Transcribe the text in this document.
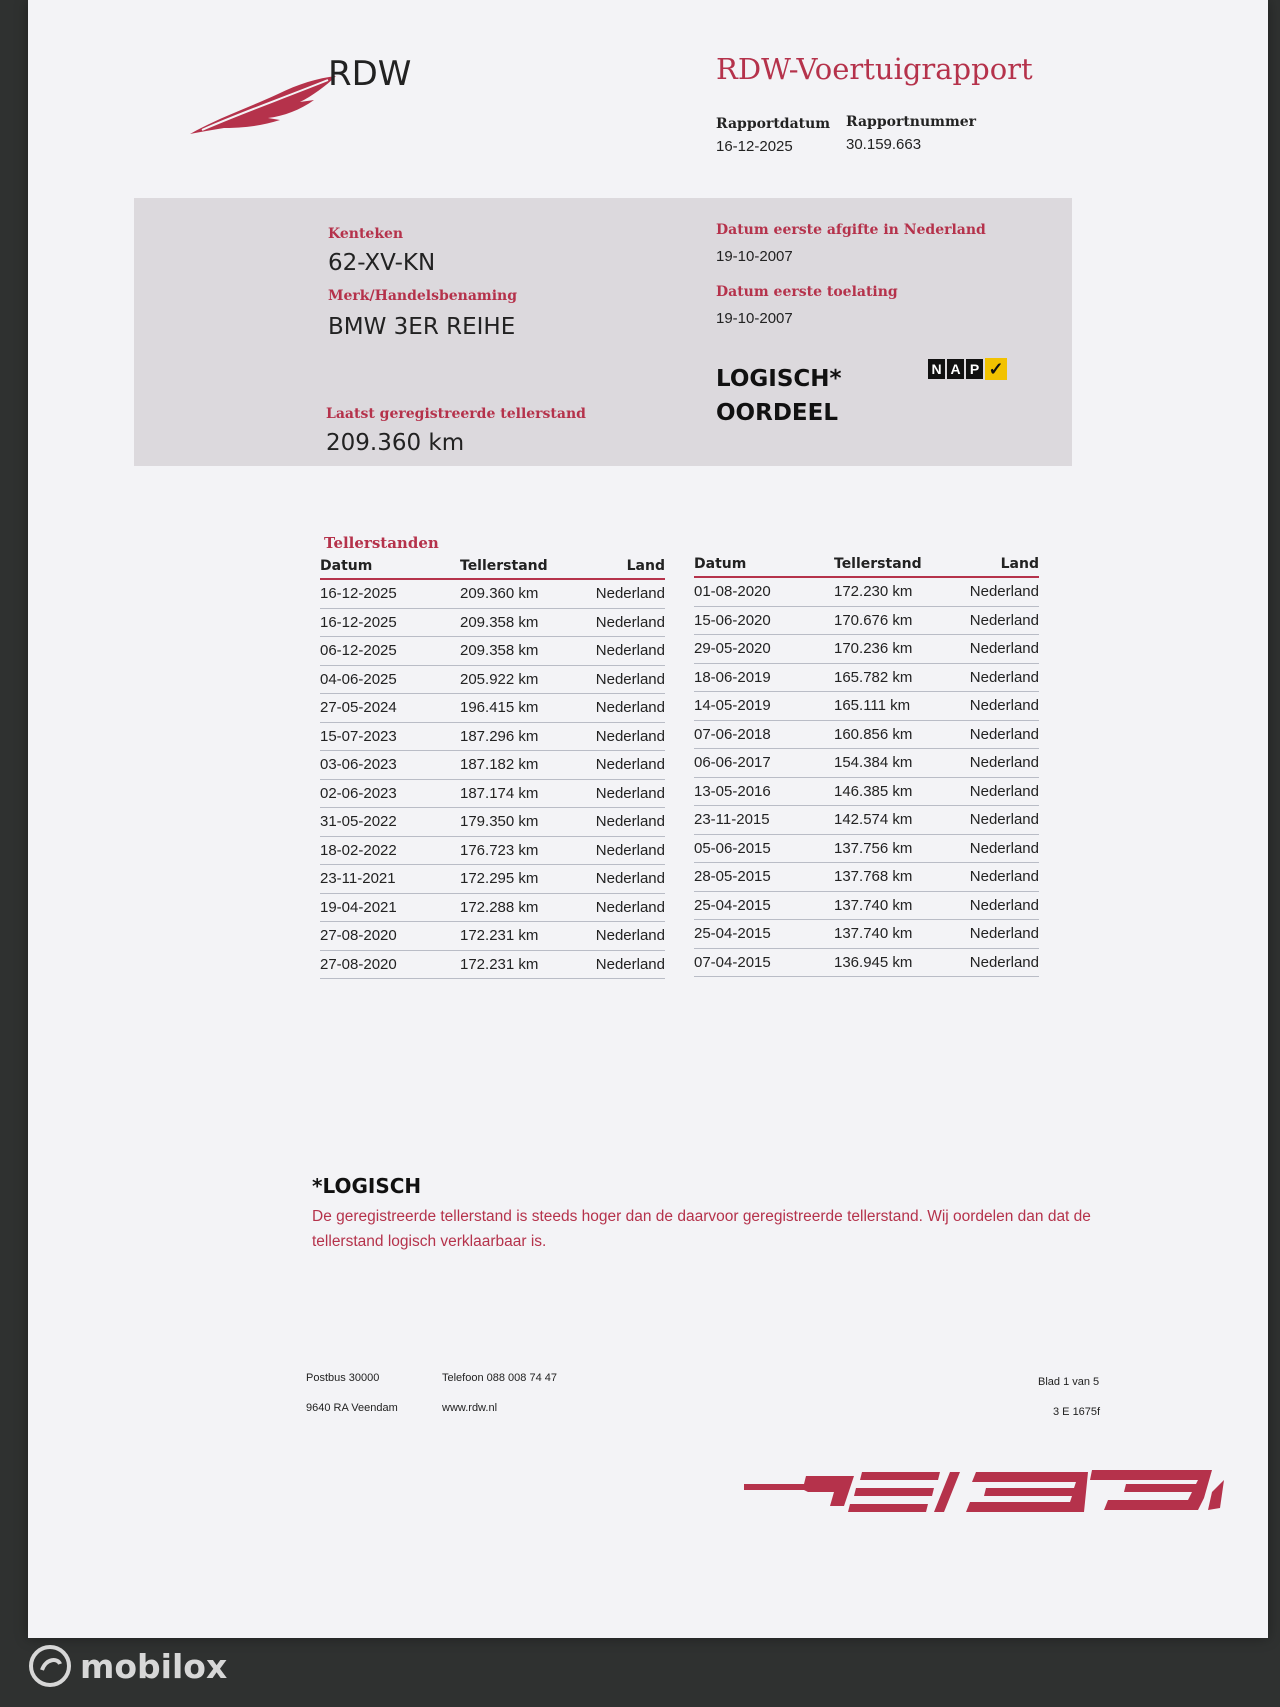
RDW	RDW-Voertuigrapport
Rapportdatum
16-12-2025
Rapportnummer
30.159.663
Kenteken
62-XV-KN
Merk/Handelsbenaming
BMW 3ER REIHE
Laatst geregistreerde tellerstand
209.360 km
Datum eerste afgifte in Nederland
19-10-2007
Datum eerste toelating
19-10-2007
LOGISCH*
OORDEEL
N A P ✓
Tellerstanden
Datum	Tellerstand	Land
16-12-2025	209.360 km	Nederland
16-12-2025	209.358 km	Nederland
06-12-2025	209.358 km	Nederland
04-06-2025	205.922 km	Nederland
27-05-2024	196.415 km	Nederland
15-07-2023	187.296 km	Nederland
03-06-2023	187.182 km	Nederland
02-06-2023	187.174 km	Nederland
31-05-2022	179.350 km	Nederland
18-02-2022	176.723 km	Nederland
23-11-2021	172.295 km	Nederland
19-04-2021	172.288 km	Nederland
27-08-2020	172.231 km	Nederland
27-08-2020	172.231 km	Nederland
Datum	Tellerstand	Land
01-08-2020	172.230 km	Nederland
15-06-2020	170.676 km	Nederland
29-05-2020	170.236 km	Nederland
18-06-2019	165.782 km	Nederland
14-05-2019	165.111 km	Nederland
07-06-2018	160.856 km	Nederland
06-06-2017	154.384 km	Nederland
13-05-2016	146.385 km	Nederland
23-11-2015	142.574 km	Nederland
05-06-2015	137.756 km	Nederland
28-05-2015	137.768 km	Nederland
25-04-2015	137.740 km	Nederland
25-04-2015	137.740 km	Nederland
07-04-2015	136.945 km	Nederland
*LOGISCH
De geregistreerde tellerstand is steeds hoger dan de daarvoor geregistreerde tellerstand. Wij oordelen dan dat de tellerstand logisch verklaarbaar is.
Postbus 30000
9640 RA Veendam
Telefoon 088 008 74 47
www.rdw.nl
Blad 1 van 5
3 E 1675f
mobilox
